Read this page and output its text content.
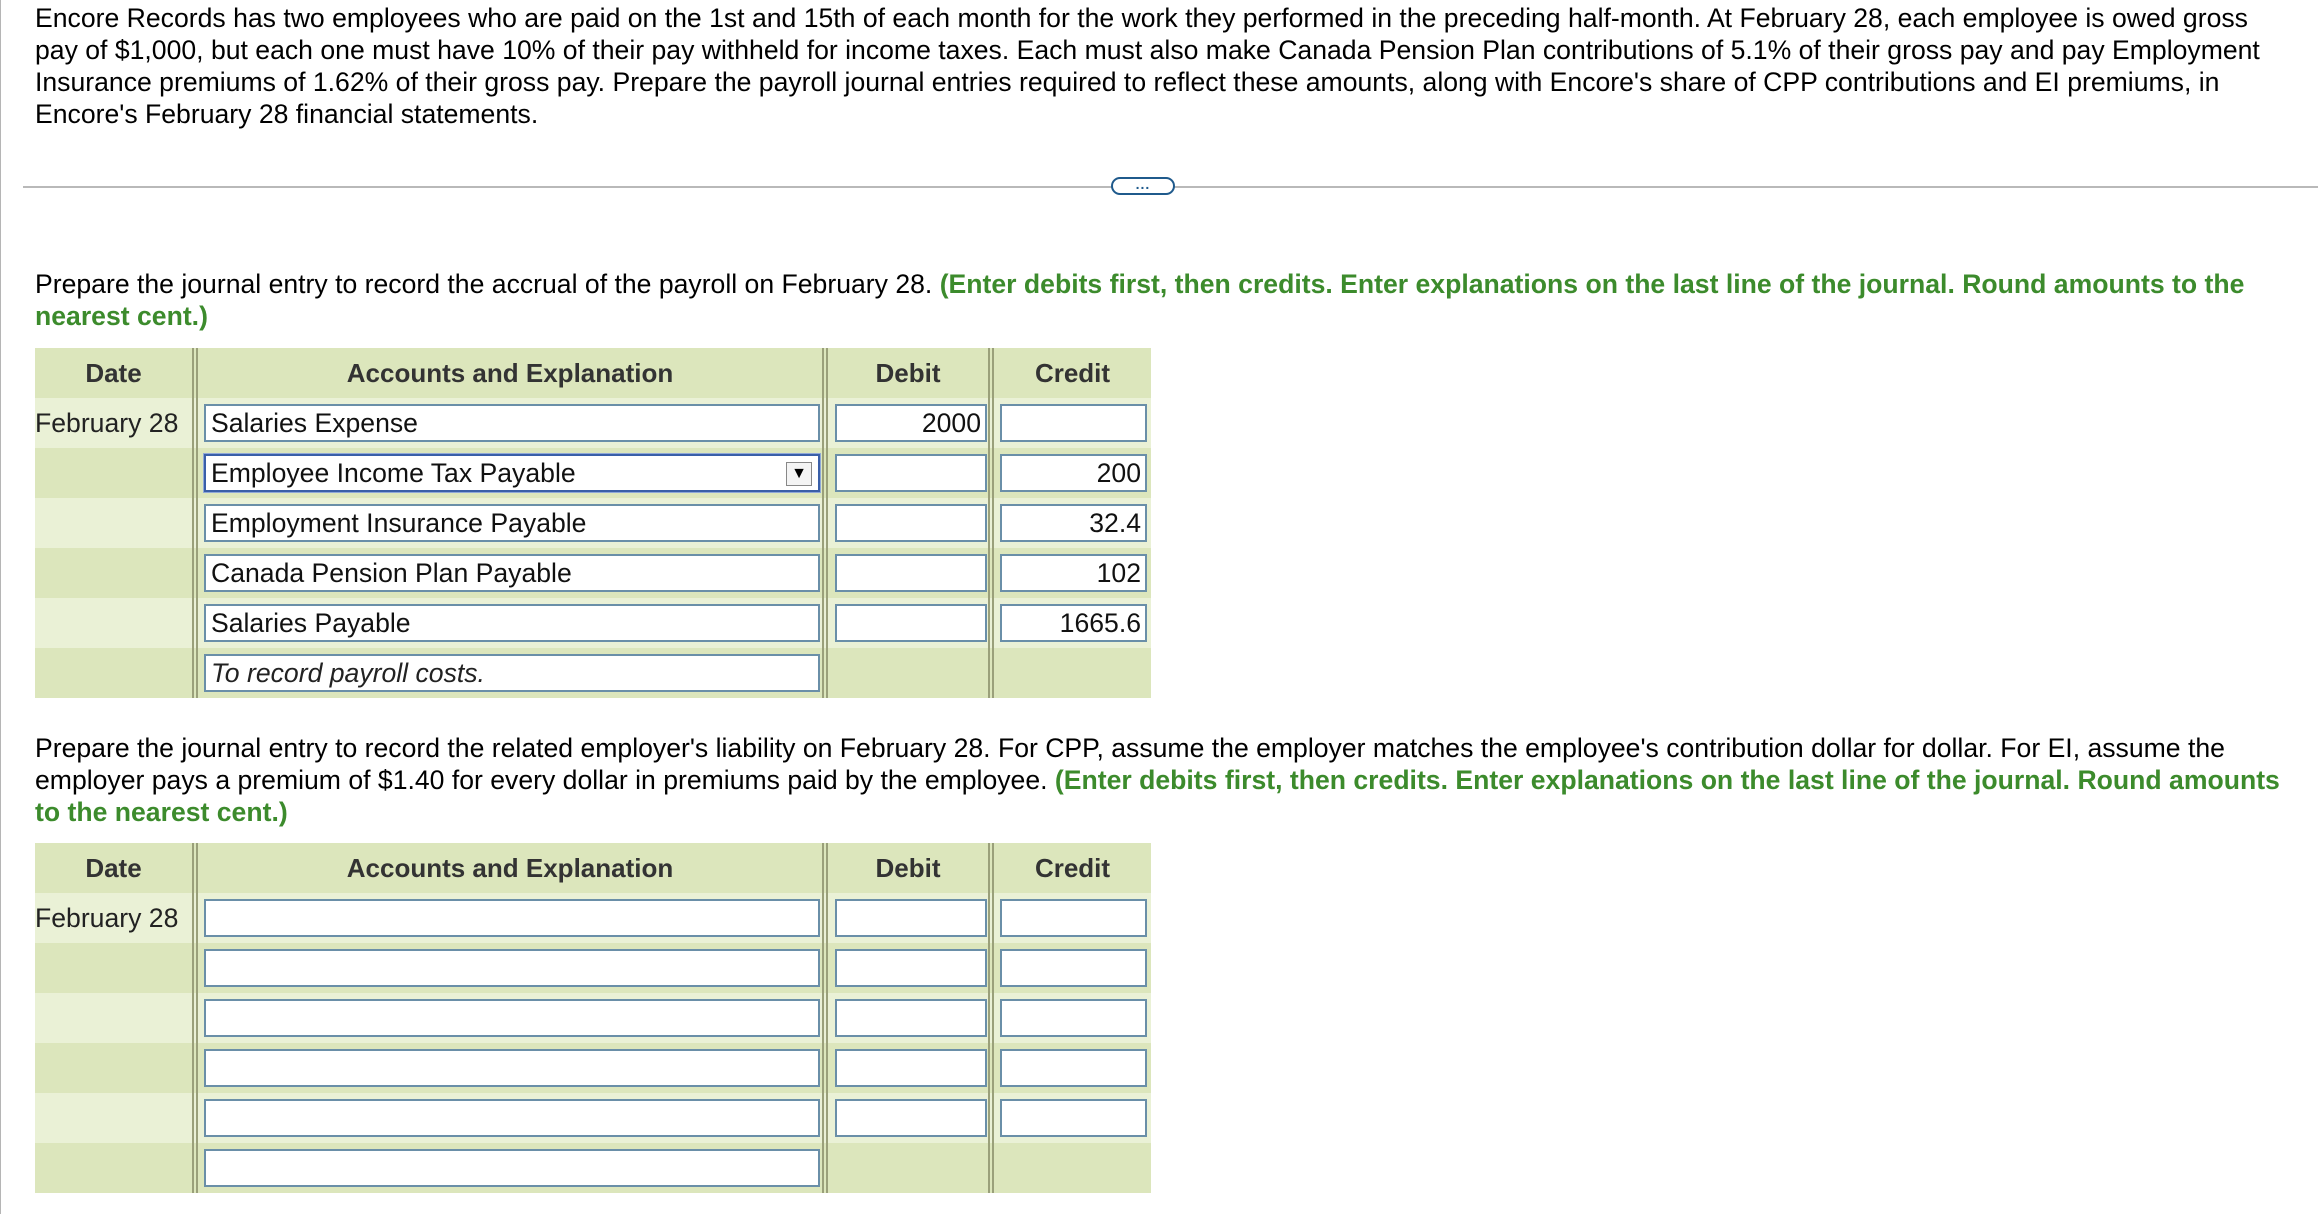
Encore Records has two employees who are paid on the 1st and 15th of each month for the work they performed in the preceding half-month. At February 28, each employee is owed gross pay of $1,000, but each one must have 10% of their pay withheld for income taxes. Each must also make Canada Pension Plan contributions of 5.1% of their gross pay and pay Employment Insurance premiums of 1.62% of their gross pay. Prepare the payroll journal entries required to reflect these amounts, along with Encore's share of CPP contributions and EI premiums, in Encore's February 28 financial statements.

...

Prepare the journal entry to record the accrual of the payroll on February 28. (Enter debits first, then credits. Enter explanations on the last line of the journal. Round amounts to the nearest cent.)

Date	Accounts and Explanation	Debit	Credit
February 28	Salaries Expense	2000	

	Employee Income Tax Payable ▼		200

	Employment Insurance Payable		32.4

	Canada Pension Plan Payable		102

	Salaries Payable		1665.6

	To record payroll costs.		

Prepare the journal entry to record the related employer's liability on February 28. For CPP, assume the employer matches the employee's contribution dollar for dollar. For EI, assume the employer pays a premium of $1.40 for every dollar in premiums paid by the employee. (Enter debits first, then credits. Enter explanations on the last line of the journal. Round amounts to the nearest cent.)

Date	Accounts and Explanation	Debit	Credit
February 28	
